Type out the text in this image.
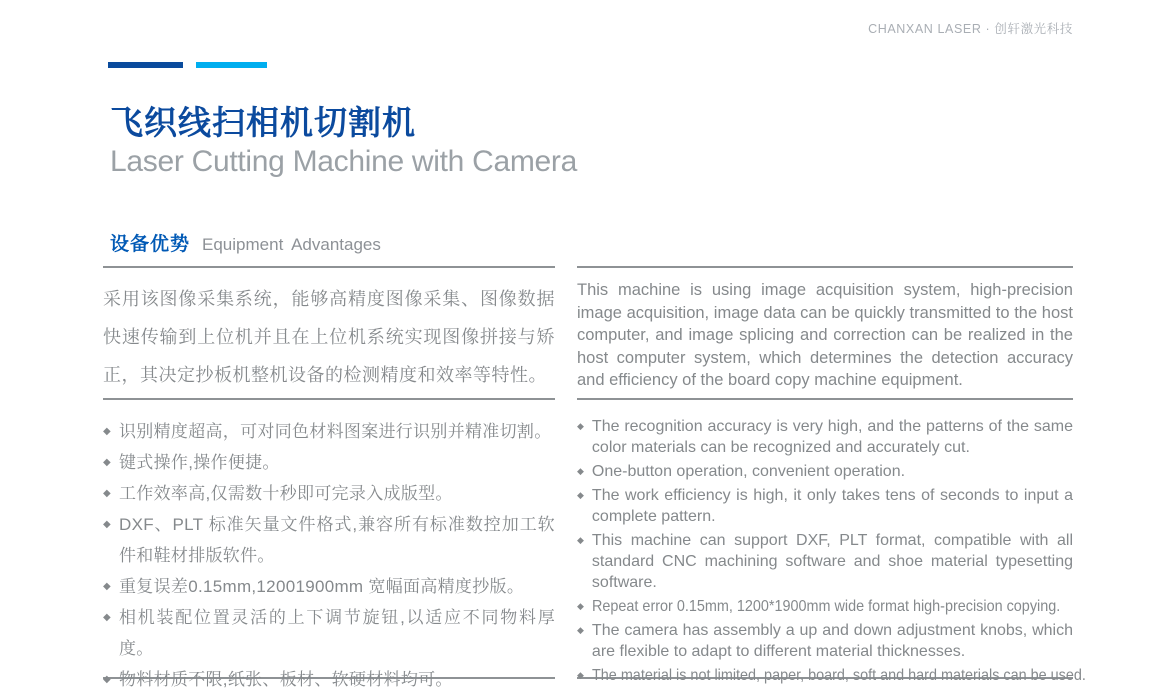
CHANXAN LASER · 创轩激光科技
飞织线扫相机切割机
Laser Cutting Machine with Camera
设备优势 Equipment Advantages

采用该图像采集系统，能够高精度图像采集、图像数据快速传输到上位机并且在上位机系统实现图像拼接与矫正，其决定抄板机整机设备的检测精度和效率等特性。

◆ 识别精度超高，可对同色材料图案进行识别并精准切割。
◆ 键式操作,操作便捷。
◆ 工作效率高,仅需数十秒即可完录入成版型。
◆ DXF、PLT 标准矢量文件格式,兼容所有标准数控加工软件和鞋材排版软件。
◆ 重复误差0.15mm,12001900mm 宽幅面高精度抄版。
◆ 相机装配位置灵活的上下调节旋钮,以适应不同物料厚度。
◆ 物料材质不限,纸张、板材、软硬材料均可。

This machine is using image acquisition system, high-precision image acquisition, image data can be quickly transmitted to the host computer, and image splicing and correction can be realized in the host computer system, which determines the detection accuracy and efficiency of the board copy machine equipment.

◆ The recognition accuracy is very high, and the patterns of the same color materials can be recognized and accurately cut.
◆ One-button operation, convenient operation.
◆ The work efficiency is high, it only takes tens of seconds to input a complete pattern.
◆ This machine can support DXF, PLT format, compatible with all standard CNC machining software and shoe material typesetting software.
◆ Repeat error 0.15mm, 1200*1900mm wide format high-precision copying.
◆ The camera has assembly a up and down adjustment knobs, which are flexible to adapt to different material thicknesses.
◆ The material is not limited, paper, board, soft and hard materials can be used.
